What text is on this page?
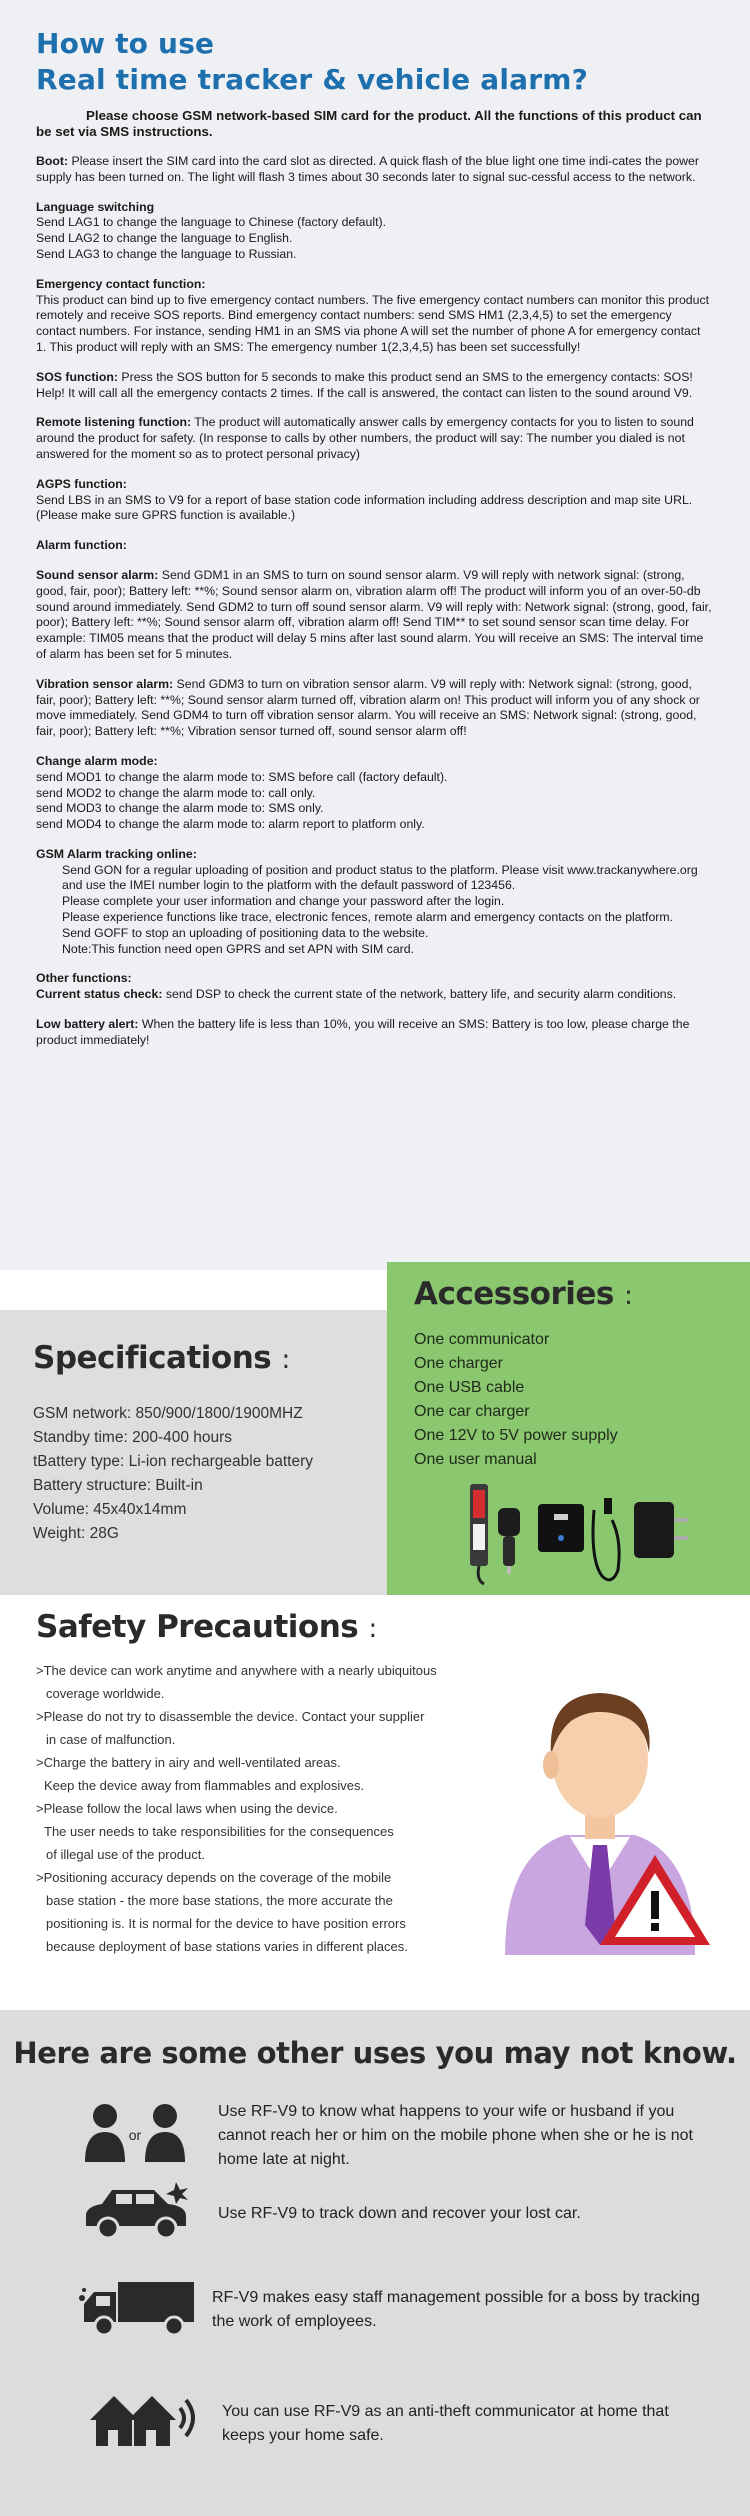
How to use
Real time tracker & vehicle alarm?

Please choose GSM network-based SIM card for the product. All the functions of this product can be set via SMS instructions.

Boot: Please insert the SIM card into the card slot as directed. A quick flash of the blue light one time indi-cates the power supply has been turned on. The light will flash 3 times about 30 seconds later to signal suc-cessful access to the network.

Language switching

Send LAG1 to change the language to Chinese (factory default).

Send LAG2 to change the language to English.

Send LAG3 to change the language to Russian.

Emergency contact function:

This product can bind up to five emergency contact numbers. The five emergency contact numbers can monitor this product remotely and receive SOS reports. Bind emergency contact numbers: send SMS HM1 (2,3,4,5) to set the emergency contact numbers. For instance, sending HM1 in an SMS via phone A will set the number of phone A for emergency contact 1. This product will reply with an SMS: The emergency number 1(2,3,4,5) has been set successfully!

SOS function: Press the SOS button for 5 seconds to make this product send an SMS to the emergency contacts: SOS! Help! It will call all the emergency contacts 2 times. If the call is answered, the contact can listen to the sound around V9.

Remote listening function: The product will automatically answer calls by emergency contacts for you to listen to sound around the product for safety. (In response to calls by other numbers, the product will say: The number you dialed is not answered for the moment so as to protect personal privacy)

AGPS function:

Send LBS in an SMS to V9 for a report of base station code information including address description and map site URL. (Please make sure GPRS function is available.)

Alarm function:

Sound sensor alarm: Send GDM1 in an SMS to turn on sound sensor alarm. V9 will reply with network signal: (strong, good, fair, poor); Battery left: **%; Sound sensor alarm on, vibration alarm off! The product will inform you of an over-50-db sound around immediately. Send GDM2 to turn off sound sensor alarm. V9 will reply with: Network signal: (strong, good, fair, poor); Battery left: **%; Sound sensor alarm off, vibration alarm off! Send TIM** to set sound sensor scan time delay. For example: TIM05 means that the product will delay 5 mins after last sound alarm. You will receive an SMS: The interval time of alarm has been set for 5 minutes.

Vibration sensor alarm: Send GDM3 to turn on vibration sensor alarm. V9 will reply with: Network signal: (strong, good, fair, poor); Battery left: **%; Sound sensor alarm turned off, vibration alarm on! This product will inform you of any shock or move immediately. Send GDM4 to turn off vibration sensor alarm. You will receive an SMS: Network signal: (strong, good, fair, poor); Battery left: **%; Vibration sensor turned off, sound sensor alarm off!

Change alarm mode:

send MOD1 to change the alarm mode to: SMS before call (factory default).

send MOD2 to change the alarm mode to: call only.

send MOD3 to change the alarm mode to: SMS only.

send MOD4 to change the alarm mode to: alarm report to platform only.

GSM Alarm tracking online:

Send GON for a regular uploading of position and product status to the platform. Please visit www.trackanywhere.org and use the IMEI number login to the platform with the default password of 123456.

Please complete your user information and change your password after the login.

Please experience functions like trace, electronic fences, remote alarm and emergency contacts on the platform.

Send GOFF to stop an uploading of positioning data to the website.

Note:This function need open GPRS and set APN with SIM card.

Other functions:

Current status check: send DSP to check the current state of the network, battery life, and security alarm conditions.

Low battery alert: When the battery life is less than 10%, you will receive an SMS: Battery is too low, please charge the product immediately!

Specifications :
GSM network: 850/900/1800/1900MHZ
Standby time: 200-400 hours
tBattery type: Li-ion rechargeable battery
Battery structure: Built-in
Volume: 45x40x14mm
Weight: 28G
Accessories :
One communicator
One charger
One USB cable
One car charger
One 12V to 5V power supply
One user manual
Safety Precautions :
>The device can work anytime and anywhere with a nearly ubiquitous
coverage worldwide.
>Please do not try to disassemble the device. Contact your supplier
in case of malfunction.
>Charge the battery in airy and well-ventilated areas.
Keep the device away from flammables and explosives.
>Please follow the local laws when using the device.
The user needs to take responsibilities for the consequences
of illegal use of the product.
>Positioning accuracy depends on the coverage of the mobile
base station - the more base stations, the more accurate the
positioning is. It is normal for the device to have position errors
because deployment of base stations varies in different places.
Here are some other uses you may not know.
or

Use RF-V9 to know what happens to your wife or husband if you cannot reach her or him on the mobile phone when she or he is not home late at night.

Use RF-V9 to track down and recover your lost car.

RF-V9 makes easy staff management possible for a boss by tracking the work of employees.

You can use RF-V9 as an anti-theft communicator at home that keeps your home safe.
